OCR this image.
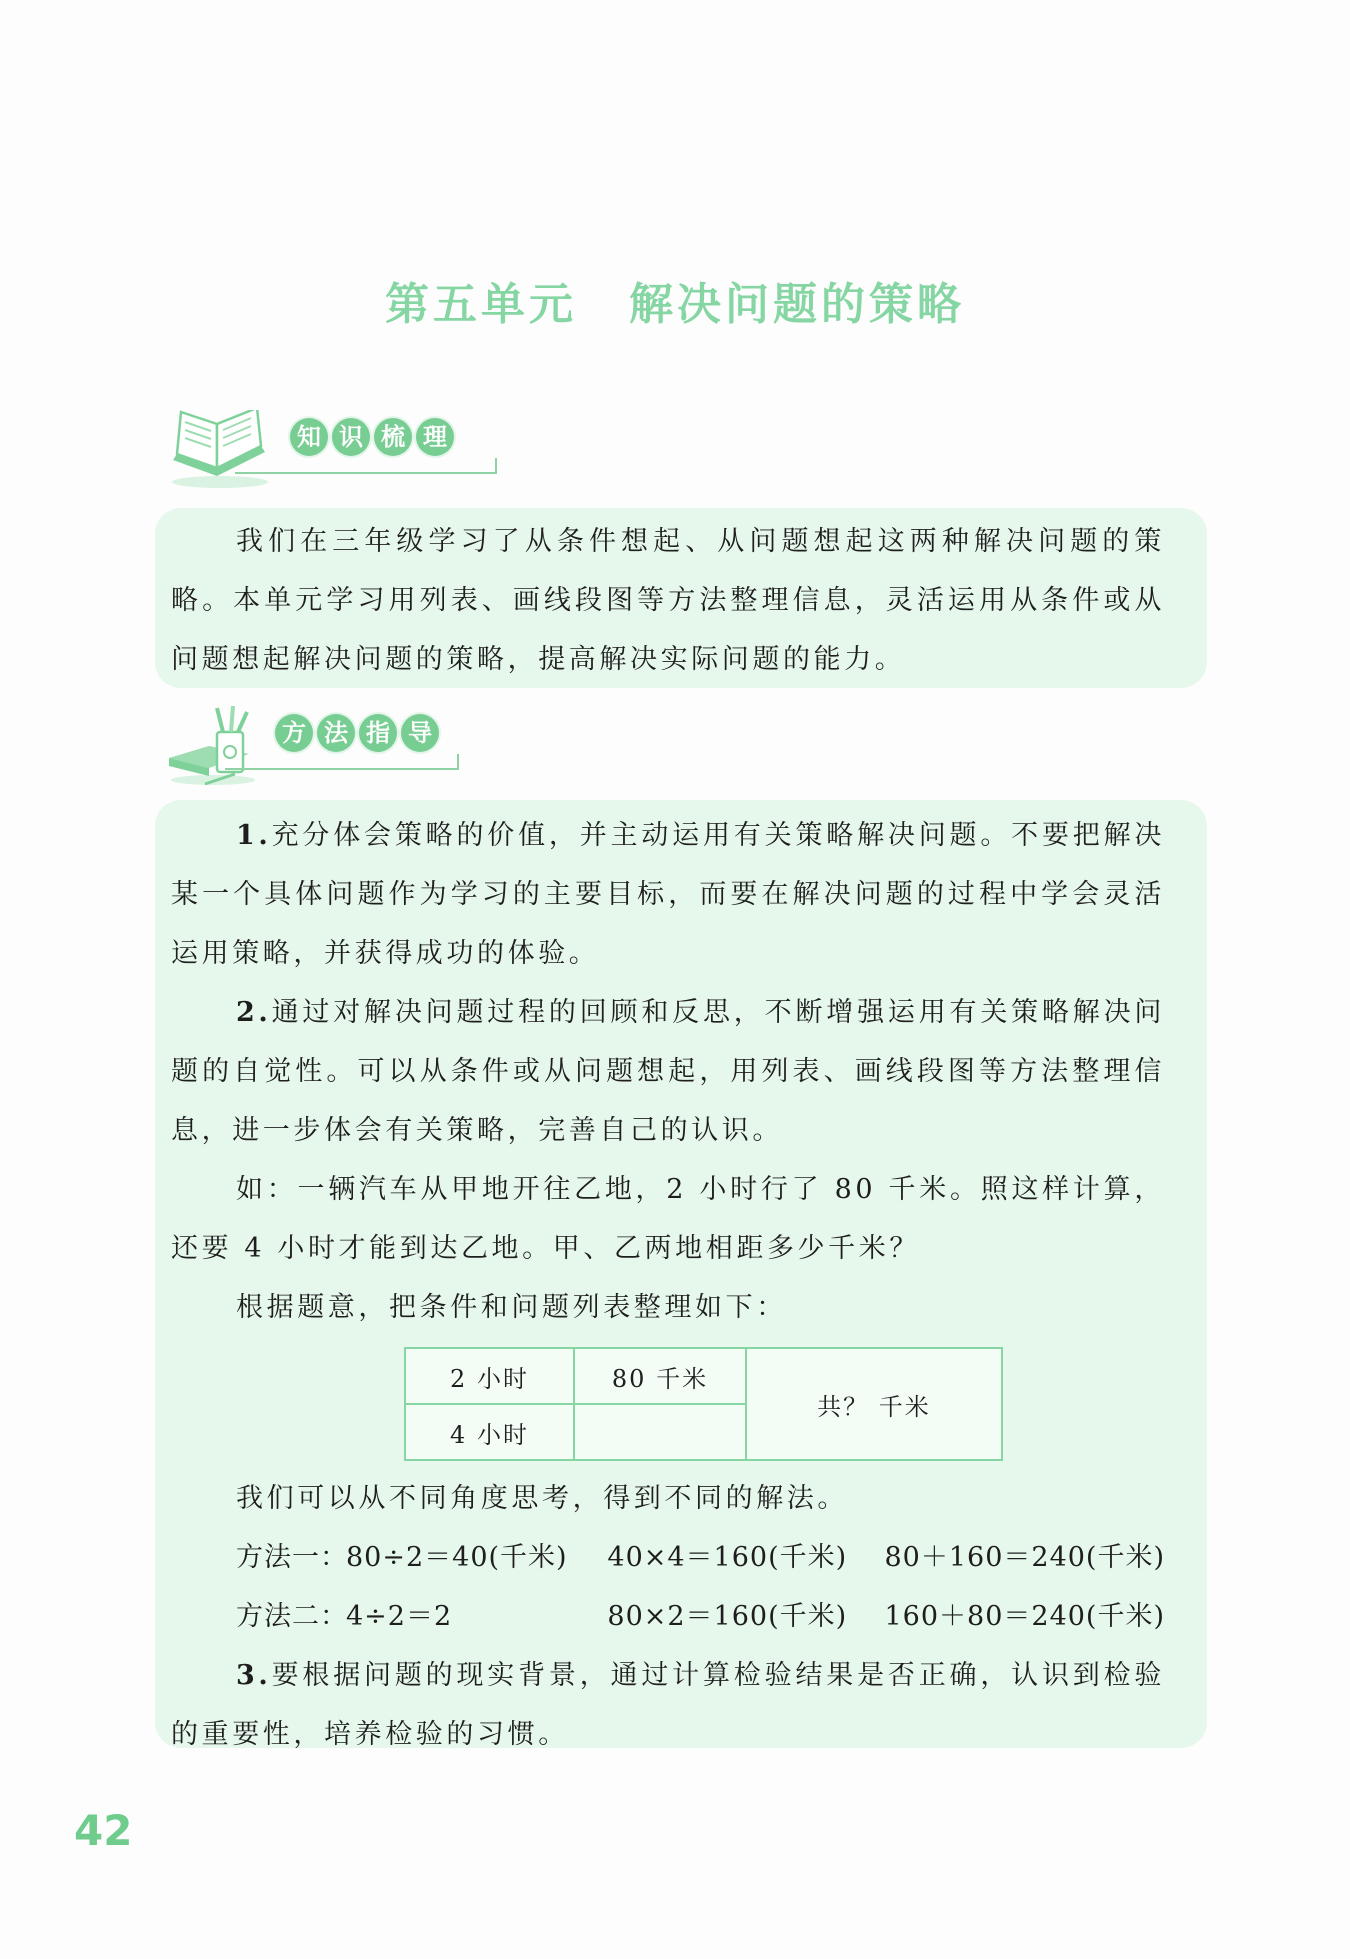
第五单元 解决问题的策略
知 识 梳 理

我们在三年级学习了从条件想起、从问题想起这两种解决问题的策略。本单元学习用列表、画线段图等方法整理信息，灵活运用从条件或从问题想起解决问题的策略，提高解决实际问题的能力。

方 法 指 导

1.充分体会策略的价值，并主动运用有关策略解决问题。不要把解决某一个具体问题作为学习的主要目标，而要在解决问题的过程中学会灵活运用策略，并获得成功的体验。

2.通过对解决问题过程的回顾和反思，不断增强运用有关策略解决问题的自觉性。可以从条件或从问题想起，用列表、画线段图等方法整理信息，进一步体会有关策略，完善自己的认识。

如：一辆汽车从甲地开往乙地，2 小时行了 80 千米。照这样计算，还要 4 小时才能到达乙地。甲、乙两地相距多少千米？

根据题意，把条件和问题列表整理如下：

2 小时	80 千米	共？ 千米
4 小时		

我们可以从不同角度思考，得到不同的解法。

方法一：
80÷2＝40(千米)	40×4＝160(千米)	80＋160＝240(千米)
方法二：
4÷2＝2	80×2＝160(千米)	160＋80＝240(千米)

3.要根据问题的现实背景，通过计算检验结果是否正确，认识到检验的重要性，培养检验的习惯。

42
